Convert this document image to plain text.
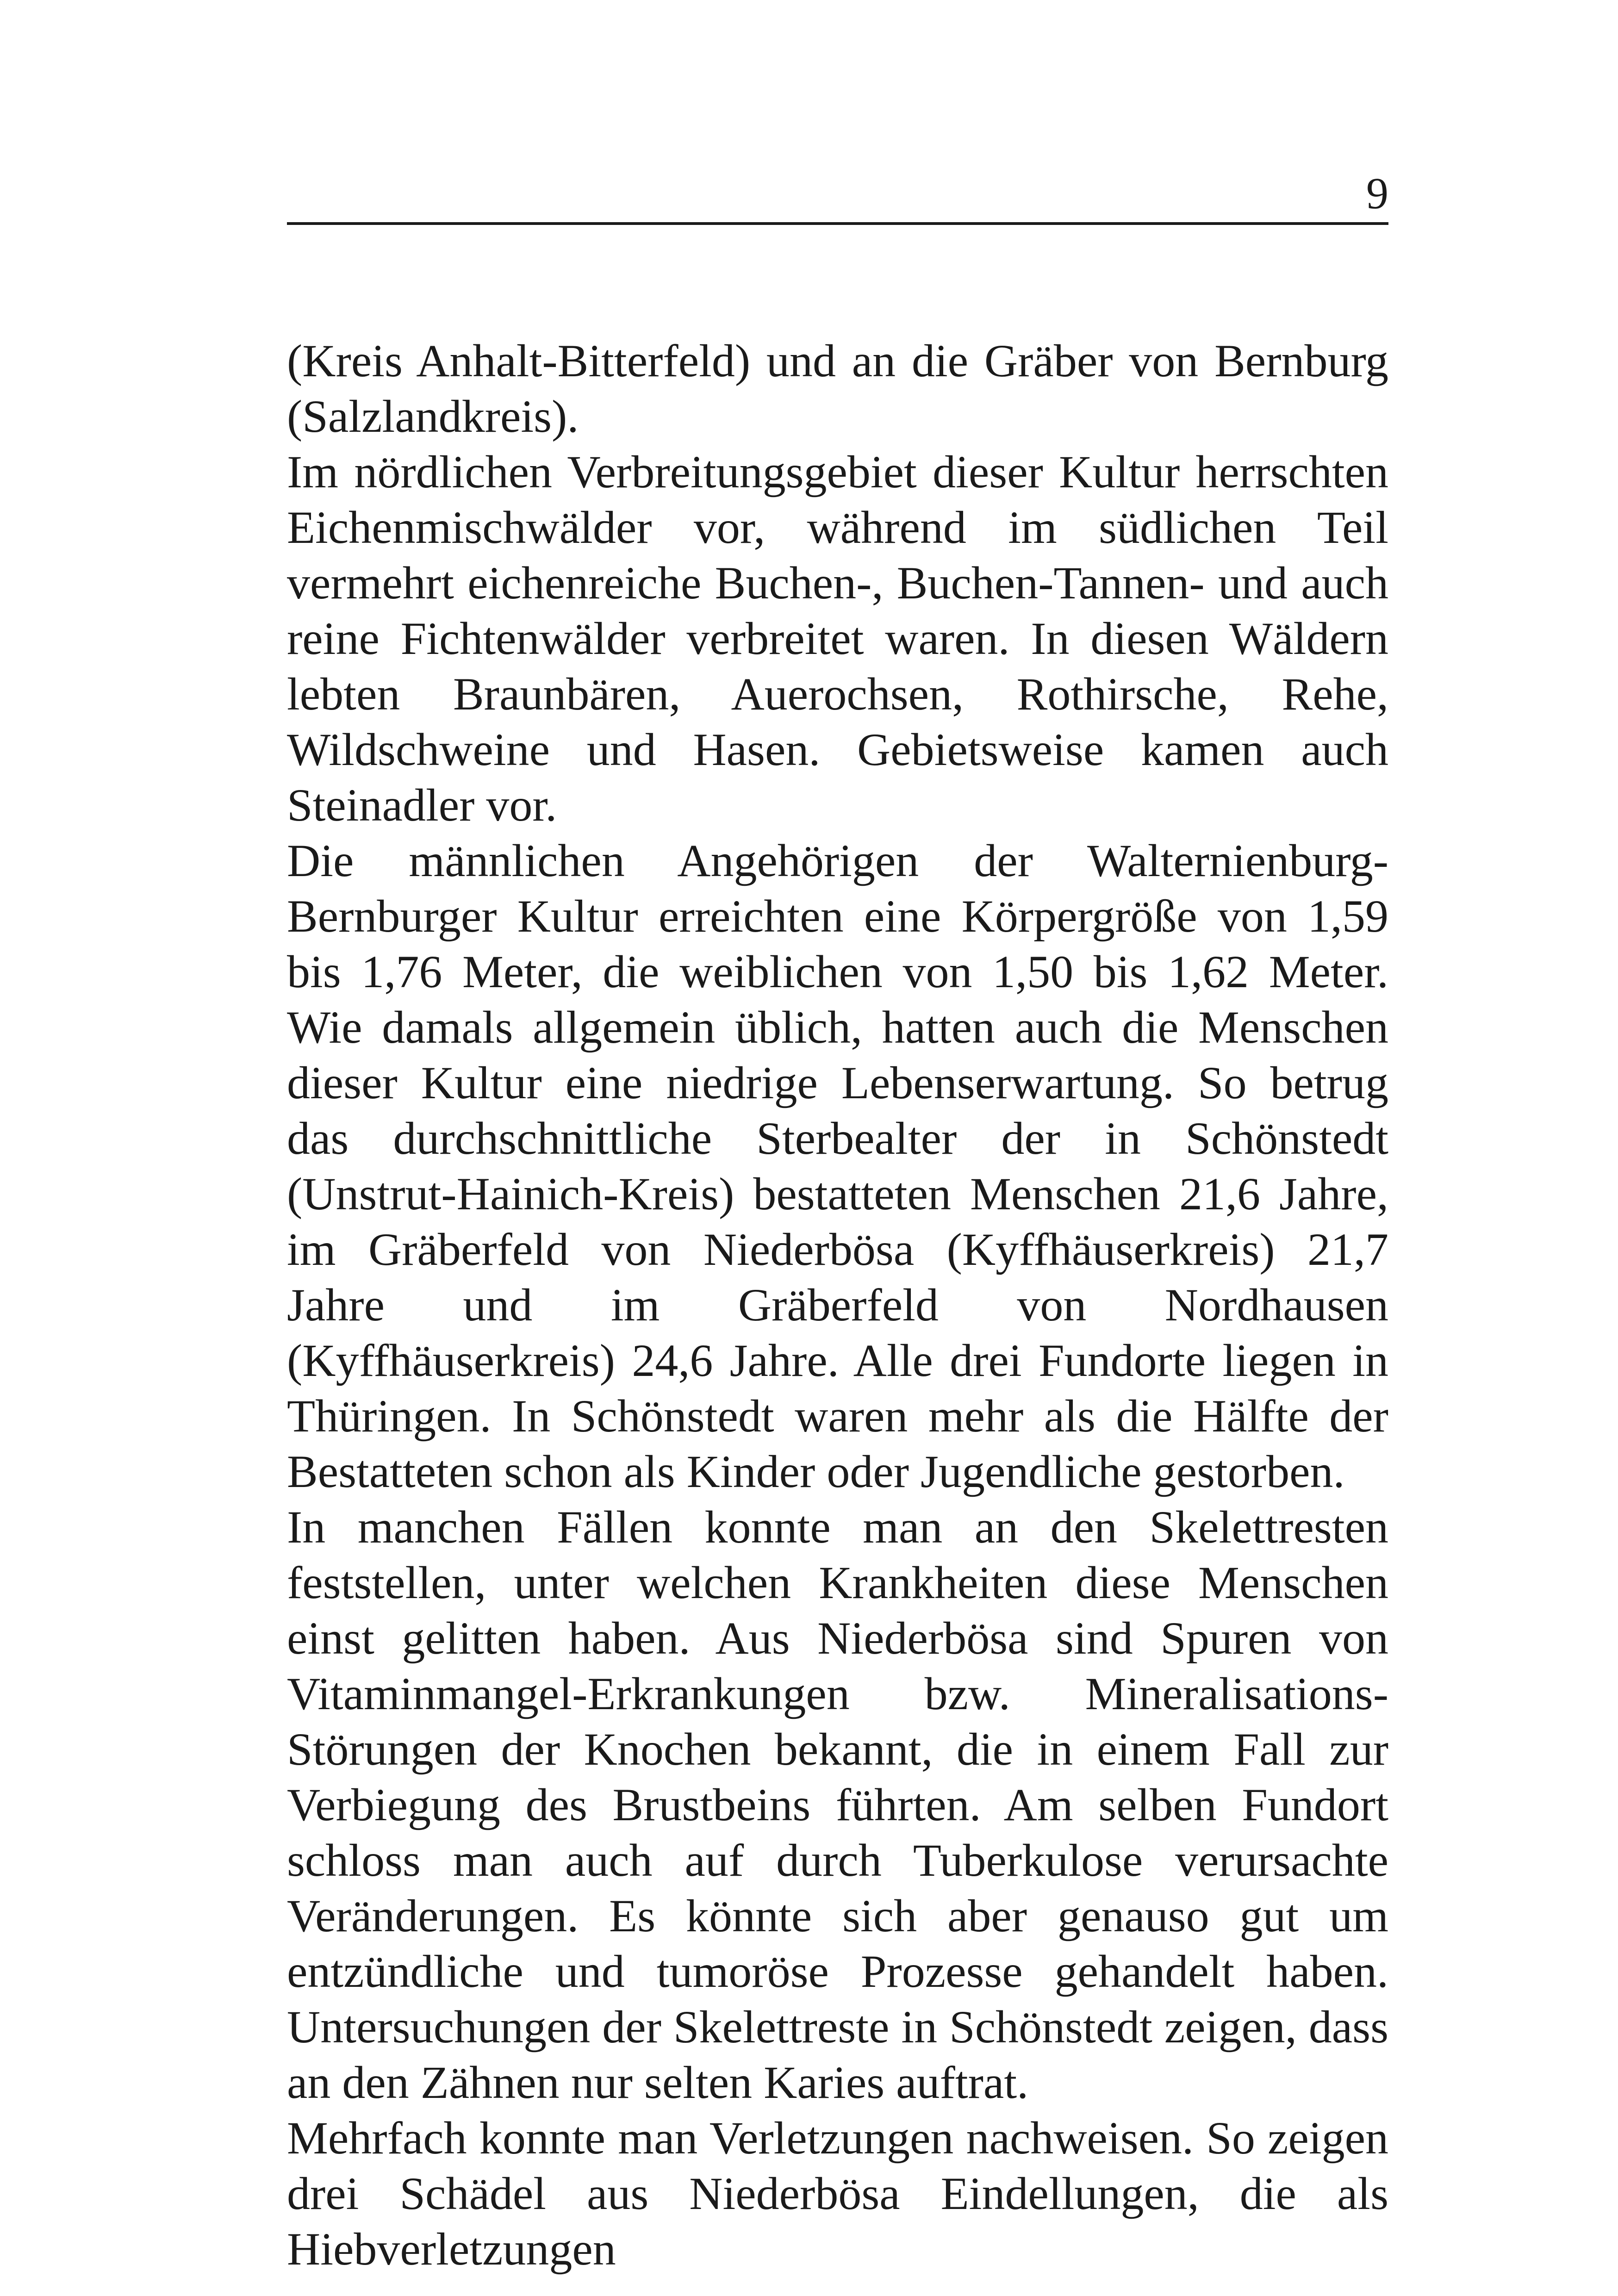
9

(Kreis Anhalt-Bitterfeld) und an die Gräber von Bernburg (Salzlandkreis).

Im nördlichen Verbreitungsgebiet dieser Kultur herrschten Eichenmischwälder vor, während im südlichen Teil vermehrt eichenreiche Buchen-, Buchen-Tannen- und auch reine Fichtenwälder verbreitet waren. In diesen Wäldern lebten Braunbären, Auerochsen, Rothirsche, Rehe, Wildschweine und Hasen. Gebietsweise kamen auch Steinadler vor.

Die männlichen Angehörigen der Walternienburg-Bernburger Kultur erreichten eine Körpergröße von 1,59 bis 1,76 Meter, die weiblichen von 1,50 bis 1,62 Meter. Wie damals allgemein üblich, hatten auch die Menschen dieser Kultur eine niedrige Lebenserwartung. So betrug das durchschnittliche Sterbealter der in Schönstedt (Unstrut-Hainich-Kreis) bestatteten Menschen 21,6 Jahre, im Gräberfeld von Niederbösa (Kyffhäuserkreis) 21,7 Jahre und im Gräberfeld von Nordhausen (Kyffhäuserkreis) 24,6 Jahre. Alle drei Fundorte liegen in Thüringen. In Schönstedt waren mehr als die Hälfte der Bestatteten schon als Kinder oder Jugendliche gestorben.

In manchen Fällen konnte man an den Skelettresten feststellen, unter welchen Krankheiten diese Menschen einst gelitten haben. Aus Niederbösa sind Spuren von Vitaminmangel-Erkrankungen bzw. Mineralisations-Störungen der Knochen bekannt, die in einem Fall zur Verbiegung des Brustbeins führten. Am selben Fundort schloss man auch auf durch Tuberkulose verursachte Veränderungen. Es könnte sich aber genauso gut um entzündliche und tumoröse Prozesse gehandelt haben. Untersuchungen der Skelettreste in Schönstedt zeigen, dass an den Zähnen nur selten Karies auftrat.

Mehrfach konnte man Verletzungen nachweisen. So zeigen drei Schädel aus Niederbösa Eindellungen, die als Hiebverletzungen
